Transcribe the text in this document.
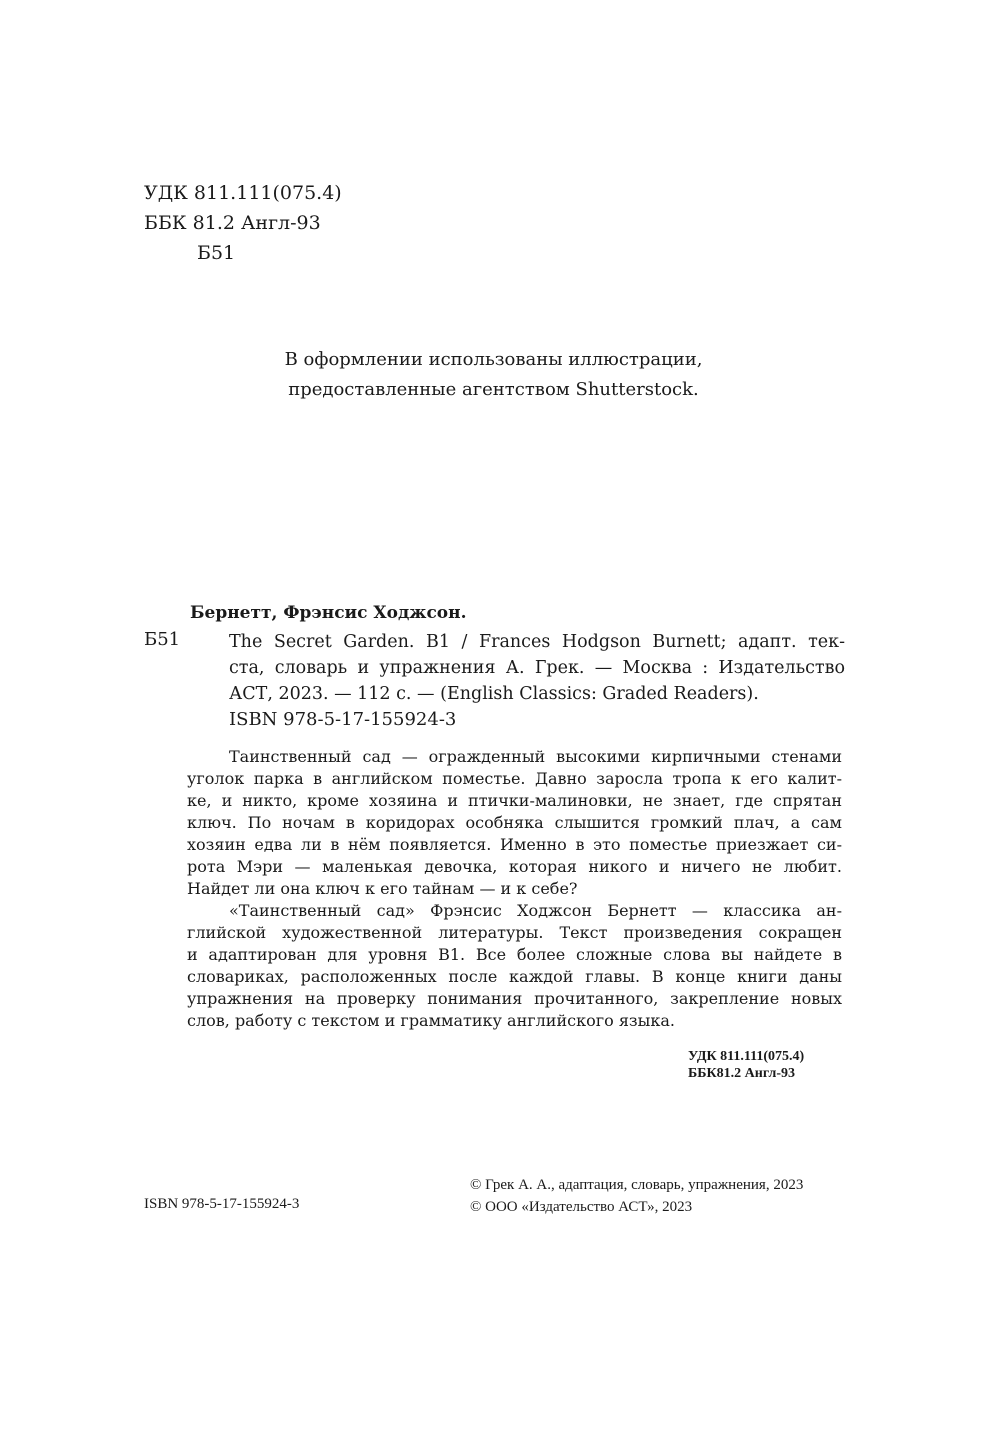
УДК 811.111(075.4)
ББК 81.2 Англ-93
Б51
В оформлении использованы иллюстрации,
предоставленные агентством Shutterstock.
Бернетт, Фрэнсис Ходжсон.
Б51	The Secret Garden. B1 / Frances Hodgson Burnett; адапт. тек-
ста, словарь и упражнения А. Грек. — Москва : Издательство
АСТ, 2023. — 112 с. — (English Classics: Graded Readers).
ISBN 978-5-17-155924-3
Таинственный сад — огражденный высокими кирпичными стенами
уголок парка в английском поместье. Давно заросла тропа к его калит-
ке, и никто, кроме хозяина и птички-малиновки, не знает, где спрятан
ключ. По ночам в коридорах особняка слышится громкий плач, а сам
хозяин едва ли в нём появляется. Именно в это поместье приезжает си-
рота Мэри — маленькая девочка, которая никого и ничего не любит.
Найдет ли она ключ к его тайнам — и к себе?
«Таинственный сад» Фрэнсис Ходжсон Бернетт — классика ан-
глийской художественной литературы. Текст произведения сокращен
и адаптирован для уровня B1. Все более сложные слова вы найдете в
словариках, расположенных после каждой главы. В конце книги даны
упражнения на проверку понимания прочитанного, закрепление новых
слов, работу с текстом и грамматику английского языка.
УДК 811.111(075.4)
ББК81.2 Англ-93
ISBN 978-5-17-155924-3
© Грек А. А., адаптация, словарь, упражнения, 2023
© ООО «Издательство АСТ», 2023
